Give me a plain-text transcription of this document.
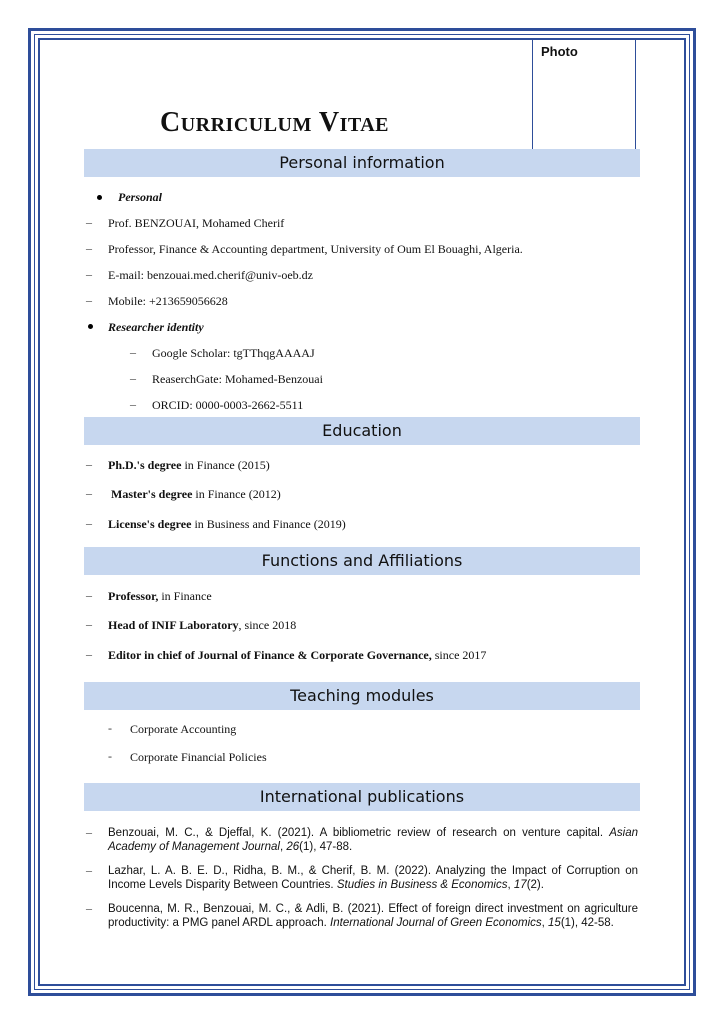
Photo
Curriculum Vitae
Personal information
Personal
– Prof. BENZOUAI, Mohamed Cherif
– Professor, Finance & Accounting department, University of Oum El Bouaghi, Algeria.
– E-mail: benzouai.med.cherif@univ-oeb.dz
– Mobile: +213659056628
Researcher identity
– Google Scholar: tgTThqgAAAAJ
– ReaserchGate: Mohamed-Benzouai
– ORCID: 0000-0003-2662-5511
Education
– Ph.D.'s degree in Finance (2015)
– Master's degree in Finance (2012)
– License's degree in Business and Finance (2019)
Functions and Affiliations
– Professor, in Finance
– Head of INIF Laboratory, since 2018
– Editor in chief of Journal of Finance & Corporate Governance, since 2017
Teaching modules
- Corporate Accounting
- Corporate Financial Policies
International publications
– Benzouai, M. C., & Djeffal, K. (2021). A bibliometric review of research on venture capital. Asian Academy of Management Journal, 26(1), 47-88.
– Lazhar, L. A. B. E. D., Ridha, B. M., & Cherif, B. M. (2022). Analyzing the Impact of Corruption on Income Levels Disparity Between Countries. Studies in Business & Economics, 17(2).
– Boucenna, M. R., Benzouai, M. C., & Adli, B. (2021). Effect of foreign direct investment on agriculture productivity: a PMG panel ARDL approach. International Journal of Green Economics, 15(1), 42-58.
